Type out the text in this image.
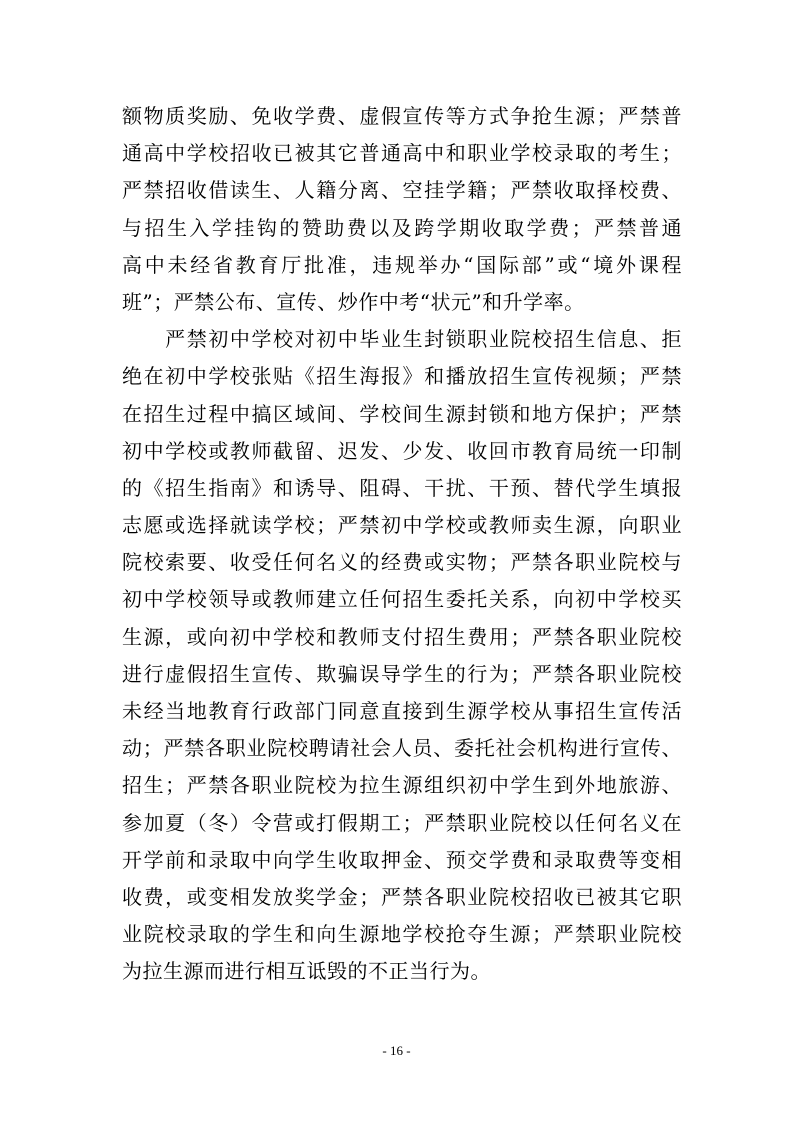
额物质奖励、免收学费、虚假宣传等方式争抢生源；严禁普
通高中学校招收已被其它普通高中和职业学校录取的考生；
严禁招收借读生、人籍分离、空挂学籍；严禁收取择校费、
与招生入学挂钩的赞助费以及跨学期收取学费；严禁普通
高中未经省教育厅批准，违规举办“国际部”或“境外课程
班”；严禁公布、宣传、炒作中考“状元”和升学率。
　　严禁初中学校对初中毕业生封锁职业院校招生信息、拒
绝在初中学校张贴《招生海报》和播放招生宣传视频；严禁
在招生过程中搞区域间、学校间生源封锁和地方保护；严禁
初中学校或教师截留、迟发、少发、收回市教育局统一印制
的《招生指南》和诱导、阻碍、干扰、干预、替代学生填报
志愿或选择就读学校；严禁初中学校或教师卖生源，向职业
院校索要、收受任何名义的经费或实物；严禁各职业院校与
初中学校领导或教师建立任何招生委托关系，向初中学校买
生源，或向初中学校和教师支付招生费用；严禁各职业院校
进行虚假招生宣传、欺骗误导学生的行为；严禁各职业院校
未经当地教育行政部门同意直接到生源学校从事招生宣传活
动；严禁各职业院校聘请社会人员、委托社会机构进行宣传、
招生；严禁各职业院校为拉生源组织初中学生到外地旅游、
参加夏（冬）令营或打假期工；严禁职业院校以任何名义在
开学前和录取中向学生收取押金、预交学费和录取费等变相
收费，或变相发放奖学金；严禁各职业院校招收已被其它职
业院校录取的学生和向生源地学校抢夺生源；严禁职业院校
为拉生源而进行相互诋毁的不正当行为。
- 16 -
